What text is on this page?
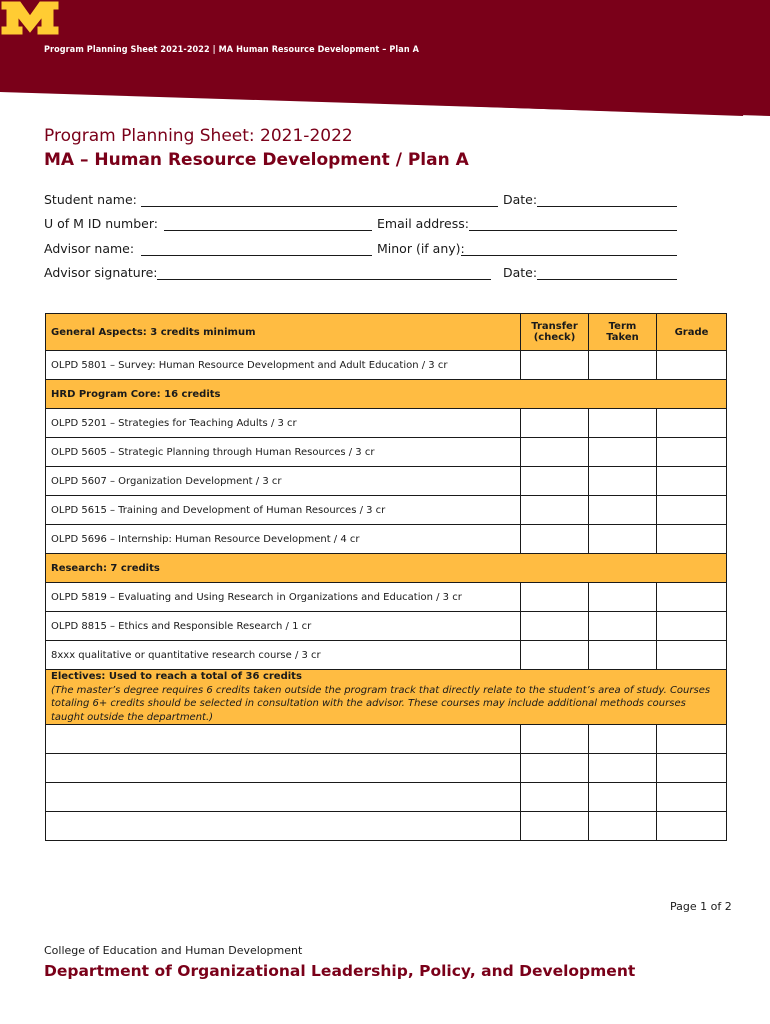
Program Planning Sheet 2021-2022 | MA Human Resource Development – Plan A
Program Planning Sheet: 2021-2022
MA – Human Resource Development / Plan A
Student name:	Date:
U of M ID number:	Email address:
Advisor name:	Minor (if any):
Advisor signature:	Date:
General Aspects: 3 credits minimum	Transfer (check)	Term Taken	Grade
OLPD 5801 – Survey: Human Resource Development and Adult Education / 3 cr			
HRD Program Core: 16 credits			
OLPD 5201 – Strategies for Teaching Adults / 3 cr			
OLPD 5605 – Strategic Planning through Human Resources / 3 cr			
OLPD 5607 – Organization Development / 3 cr			
OLPD 5615 – Training and Development of Human Resources / 3 cr			
OLPD 5696 – Internship: Human Resource Development / 4 cr			
Research: 7 credits			
OLPD 5819 – Evaluating and Using Research in Organizations and Education / 3 cr			
OLPD 8815 – Ethics and Responsible Research / 1 cr			
8xxx qualitative or quantitative research course / 3 cr			

Electives: Used to reach a total of 36 credits
(The master’s degree requires 6 credits taken outside the program track that directly relate to the student’s area of study. Courses totaling 6+ credits should be selected in consultation with the advisor. These courses may include additional methods courses taught outside the department.)			

Page 1 of 2
College of Education and Human Development
Department of Organizational Leadership, Policy, and Development
